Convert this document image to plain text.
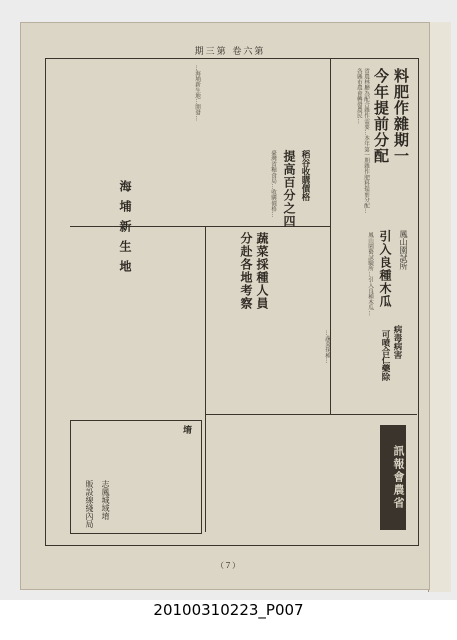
期三第 卷六第
料肥作雜期一
今年提前分配
省農林廳為配合雜作需要…本年第一期雜作肥料提前分配…各縣市農會轉發農民…
鳳山園試所
引入良種木瓜
鳳山園藝試驗所…引入良種木瓜…
病毒病害
可喷合仁藥除
稻谷收購價格
提高百分之四
臺灣省糧食局…收購價格…
蔬菜採種人員
分赴各地考察
…蔬菜採種…
海埔新生地
…海埔新生地…開發…
堉
志鳳城域堉
販設線綫內局	訊報會農省
（７）
20100310223_P007
